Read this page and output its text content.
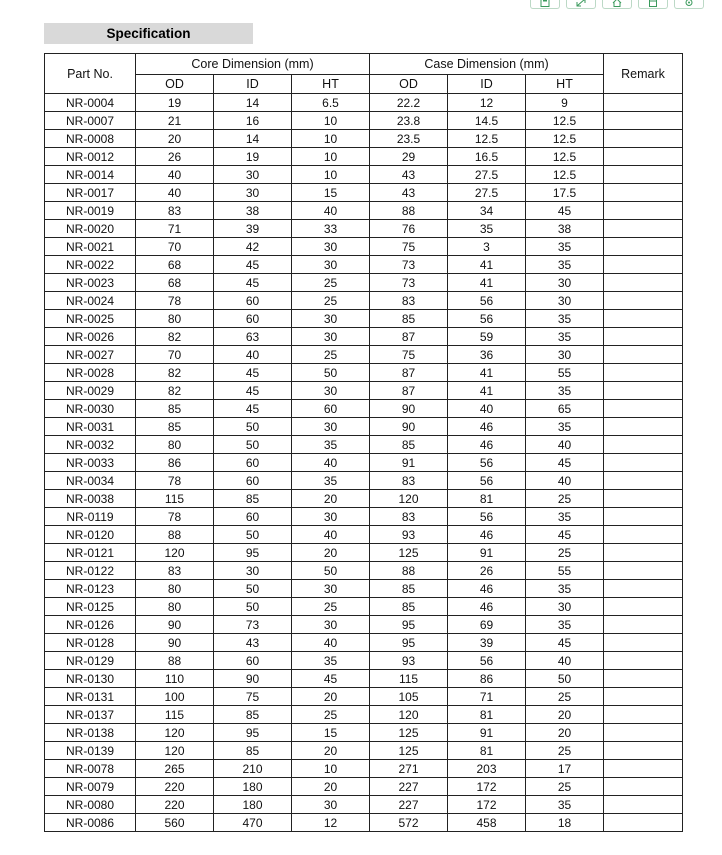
Specification
Part No.	Core Dimension (mm)			Case Dimension (mm)			Remark
	OD	ID	HT	OD	ID	HT	
NR-0004	19	14	6.5	22.2	12	9	
NR-0007	21	16	10	23.8	14.5	12.5	
NR-0008	20	14	10	23.5	12.5	12.5	
NR-0012	26	19	10	29	16.5	12.5	
NR-0014	40	30	10	43	27.5	12.5	
NR-0017	40	30	15	43	27.5	17.5	
NR-0019	83	38	40	88	34	45	
NR-0020	71	39	33	76	35	38	
NR-0021	70	42	30	75	3	35	
NR-0022	68	45	30	73	41	35	
NR-0023	68	45	25	73	41	30	
NR-0024	78	60	25	83	56	30	
NR-0025	80	60	30	85	56	35	
NR-0026	82	63	30	87	59	35	
NR-0027	70	40	25	75	36	30	
NR-0028	82	45	50	87	41	55	
NR-0029	82	45	30	87	41	35	
NR-0030	85	45	60	90	40	65	
NR-0031	85	50	30	90	46	35	
NR-0032	80	50	35	85	46	40	
NR-0033	86	60	40	91	56	45	
NR-0034	78	60	35	83	56	40	
NR-0038	115	85	20	120	81	25	
NR-0119	78	60	30	83	56	35	
NR-0120	88	50	40	93	46	45	
NR-0121	120	95	20	125	91	25	
NR-0122	83	30	50	88	26	55	
NR-0123	80	50	30	85	46	35	
NR-0125	80	50	25	85	46	30	
NR-0126	90	73	30	95	69	35	
NR-0128	90	43	40	95	39	45	
NR-0129	88	60	35	93	56	40	
NR-0130	110	90	45	115	86	50	
NR-0131	100	75	20	105	71	25	
NR-0137	115	85	25	120	81	20	
NR-0138	120	95	15	125	91	20	
NR-0139	120	85	20	125	81	25	
NR-0078	265	210	10	271	203	17	
NR-0079	220	180	20	227	172	25	
NR-0080	220	180	30	227	172	35	
NR-0086	560	470	12	572	458	18	
